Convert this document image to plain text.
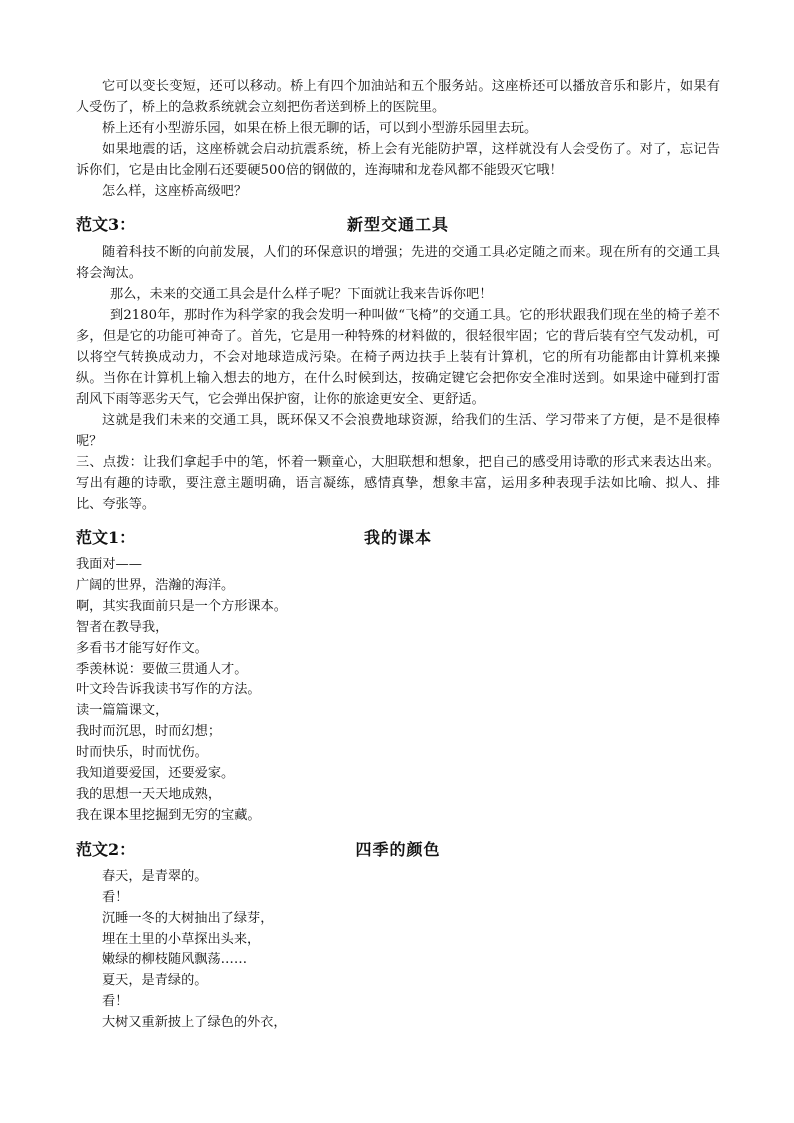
它可以变长变短，还可以移动。桥上有四个加油站和五个服务站。这座桥还可以播放音乐和影片，如果有人受伤了，桥上的急救系统就会立刻把伤者送到桥上的医院里。

桥上还有小型游乐园，如果在桥上很无聊的话，可以到小型游乐园里去玩。

如果地震的话，这座桥就会启动抗震系统，桥上会有光能防护罩，这样就没有人会受伤了。对了，忘记告诉你们，它是由比金刚石还要硬500倍的钢做的，连海啸和龙卷风都不能毁灭它哦！

怎么样，这座桥高级吧？

范文3：	新型交通工具

随着科技不断的向前发展，人们的环保意识的增强；先进的交通工具必定随之而来。现在所有的交通工具将会淘汰。

那么，未来的交通工具会是什么样子呢？下面就让我来告诉你吧！

到2180年，那时作为科学家的我会发明一种叫做“飞椅”的交通工具。它的形状跟我们现在坐的椅子差不多，但是它的功能可神奇了。首先，它是用一种特殊的材料做的，很轻很牢固；它的背后装有空气发动机，可以将空气转换成动力，不会对地球造成污染。在椅子两边扶手上装有计算机，它的所有功能都由计算机来操纵。当你在计算机上输入想去的地方，在什么时候到达，按确定键它会把你安全准时送到。如果途中碰到打雷刮风下雨等恶劣天气，它会弹出保护窗，让你的旅途更安全、更舒适。

这就是我们未来的交通工具，既环保又不会浪费地球资源，给我们的生活、学习带来了方便，是不是很棒呢？

三、点拨：让我们拿起手中的笔，怀着一颗童心，大胆联想和想象，把自己的感受用诗歌的形式来表达出来。写出有趣的诗歌，要注意主题明确，语言凝练，感情真挚，想象丰富，运用多种表现手法如比喻、拟人、排比、夸张等。

范文1：	我的课本

我面对——

广阔的世界，浩瀚的海洋。

啊，其实我面前只是一个方形课本。

智者在教导我，

多看书才能写好作文。

季羡林说：要做三贯通人才。

叶文玲告诉我读书写作的方法。

读一篇篇课文，

我时而沉思，时而幻想；

时而快乐，时而忧伤。

我知道要爱国，还要爱家。

我的思想一天天地成熟，

我在课本里挖掘到无穷的宝藏。

范文2：	四季的颜色

春天，是青翠的。

看！

沉睡一冬的大树抽出了绿芽，

埋在土里的小草探出头来，

嫩绿的柳枝随风飘荡……

夏天，是青绿的。

看！

大树又重新披上了绿色的外衣，
